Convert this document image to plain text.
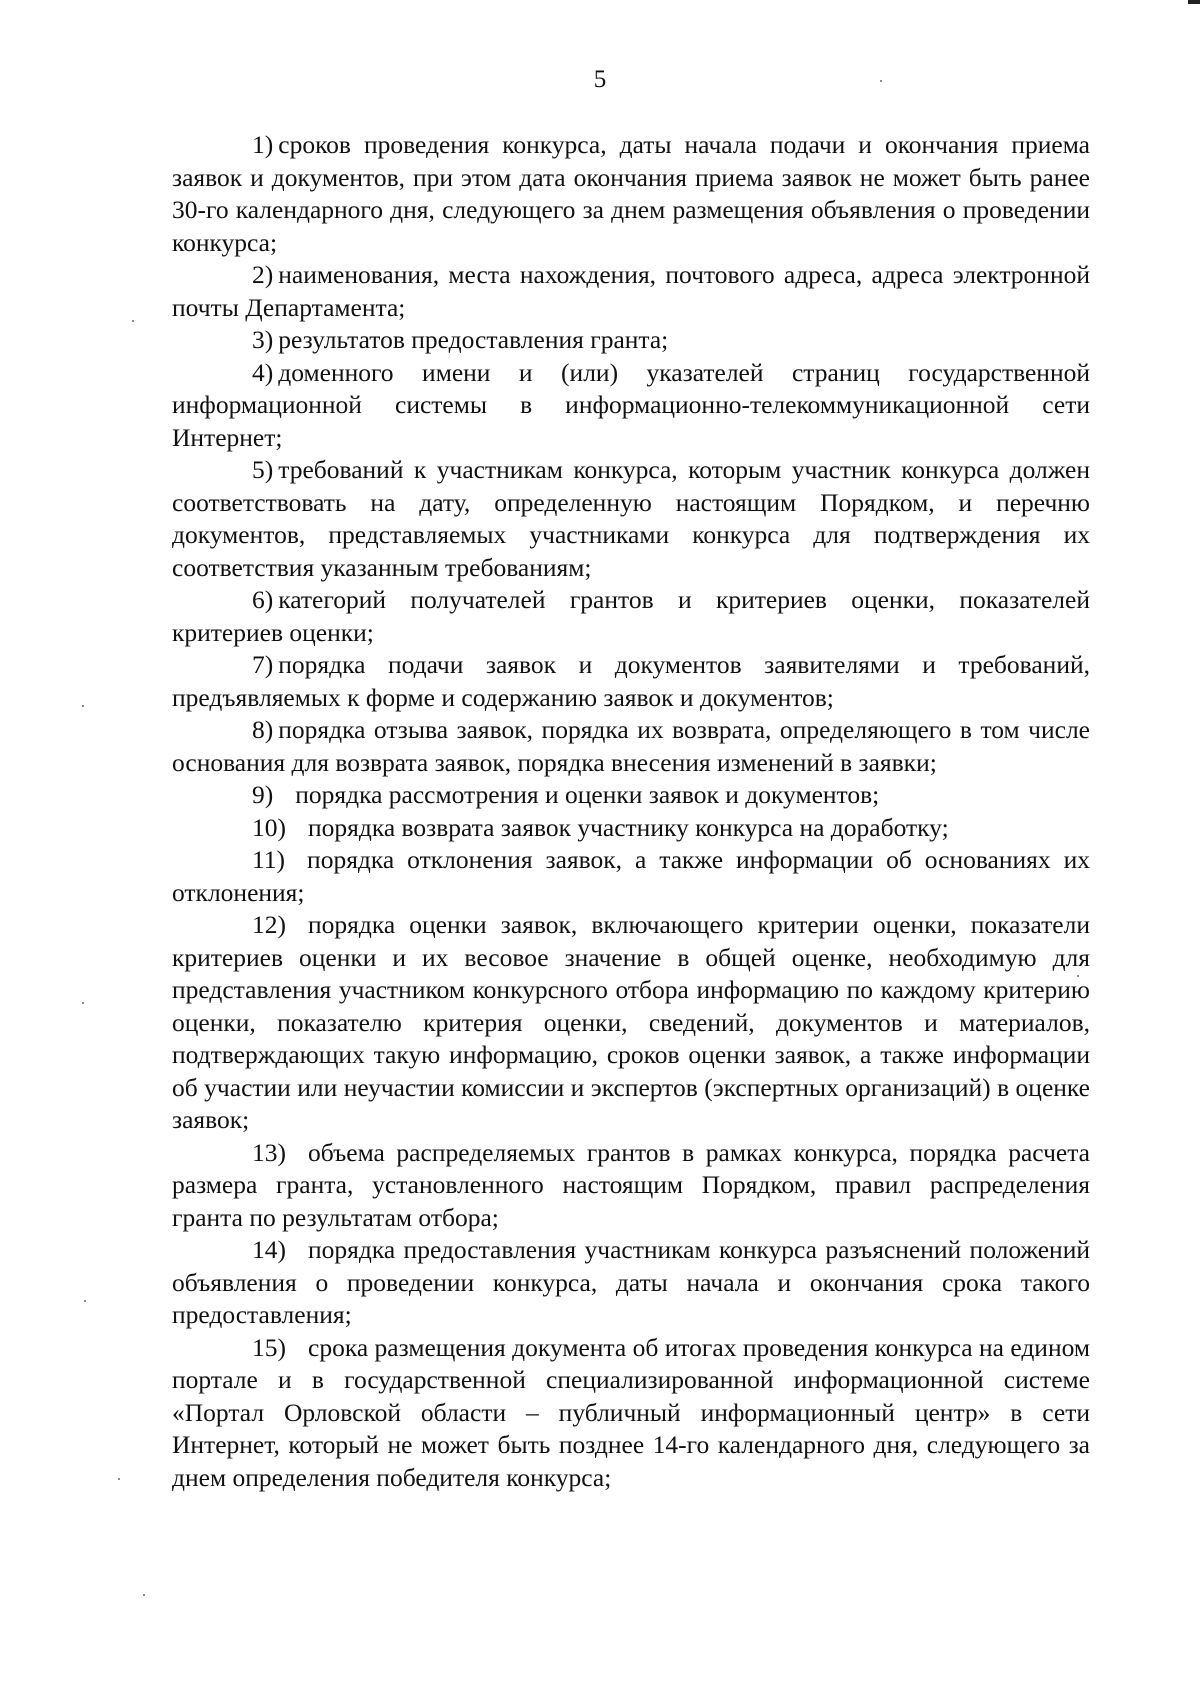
5

1) сроков проведения конкурса, даты начала подачи и окончания приема заявок и документов, при этом дата окончания приема заявок не может быть ранее 30-го календарного дня, следующего за днем размещения объявления о проведении конкурса;

2) наименования, места нахождения, почтового адреса, адреса электронной почты Департамента;

3) результатов предоставления гранта;

4) доменного имени и (или) указателей страниц государственной информационной системы в информационно-телекоммуникационной сети Интернет;

5) требований к участникам конкурса, которым участник конкурса должен соответствовать на дату, определенную настоящим Порядком, и перечню документов, представляемых участниками конкурса для подтверждения их соответствия указанным требованиям;

6) категорий получателей грантов и критериев оценки, показателей критериев оценки;

7) порядка подачи заявок и документов заявителями и требований, предъявляемых к форме и содержанию заявок и документов;

8) порядка отзыва заявок, порядка их возврата, определяющего в том числе основания для возврата заявок, порядка внесения изменений в заявки;

9) порядка рассмотрения и оценки заявок и документов;

10) порядка возврата заявок участнику конкурса на доработку;

11) порядка отклонения заявок, а также информации об основаниях их отклонения;

12) порядка оценки заявок, включающего критерии оценки, показатели критериев оценки и их весовое значение в общей оценке, необходимую для представления участником конкурсного отбора информацию по каждому критерию оценки, показателю критерия оценки, сведений, документов и материалов, подтверждающих такую информацию, сроков оценки заявок, а также информации об участии или неучастии комиссии и экспертов (экспертных организаций) в оценке заявок;

13) объема распределяемых грантов в рамках конкурса, порядка расчета размера гранта, установленного настоящим Порядком, правил распределения гранта по результатам отбора;

14) порядка предоставления участникам конкурса разъяснений положений объявления о проведении конкурса, даты начала и окончания срока такого предоставления;

15) срока размещения документа об итогах проведения конкурса на едином портале и в государственной специализированной информационной системе «Портал Орловской области – публичный информационный центр» в сети Интернет, который не может быть позднее 14-го календарного дня, следующего за днем определения победителя конкурса;
